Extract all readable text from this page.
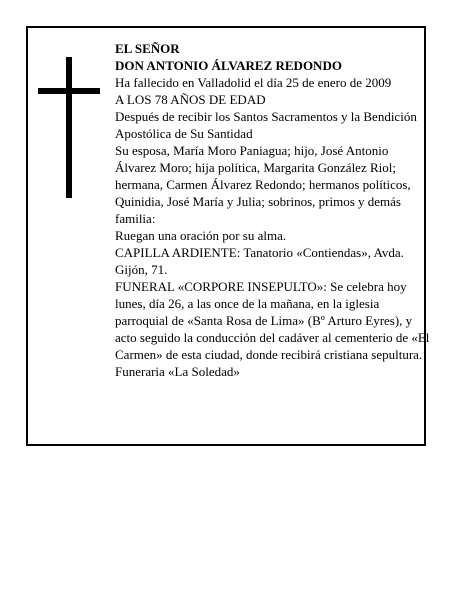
EL SEÑOR

DON ANTONIO ÁLVAREZ REDONDO

Ha fallecido en Valladolid el día 25 de enero de 2009

A LOS 78 AÑOS DE EDAD

Después de recibir los Santos Sacramentos y la Bendición Apostólica de Su Santidad

Su esposa, María Moro Paniagua; hijo, José Antonio Álvarez Moro; hija política, Margarita González Riol; hermana, Carmen Álvarez Redondo; hermanos políticos, Quinidia, José María y Julia; sobrinos, primos y demás familia:

Ruegan una oración por su alma.

CAPILLA ARDIENTE: Tanatorio «Contiendas», Avda. Gijón, 71.

FUNERAL «CORPORE INSEPULTO»: Se celebra hoy lunes, día 26, a las once de la mañana, en la iglesia parroquial de «Santa Rosa de Lima» (Bº Arturo Eyres), y acto seguido la conducción del cadáver al cementerio de «El Carmen» de esta ciudad, donde recibirá cristiana sepultura.

Funeraria «La Soledad»
